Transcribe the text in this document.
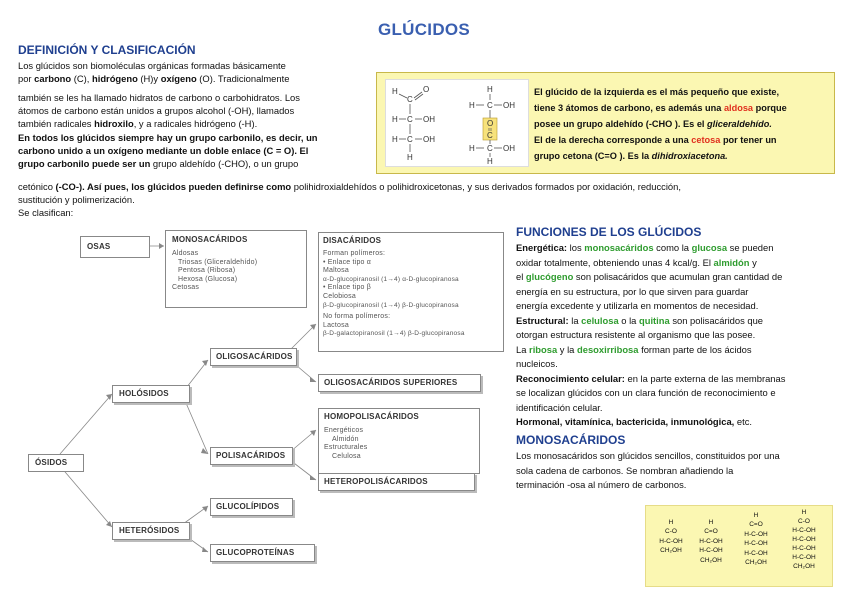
GLÚCIDOS
DEFINICIÓN Y CLASIFICACIÓN
Los glúcidos son biomoléculas orgánicas formadas básicamente
por carbono (C), hidrógeno (H)y oxígeno (O). Tradicionalmente
también se les ha llamado hidratos de carbono o carbohidratos. Los
átomos de carbono están unidos a grupos alcohol (-OH), llamados
también radicales hidroxilo, y a radicales hidrógeno (-H).
En todos los glúcidos siempre hay un grupo carbonilo, es decir, un
carbono unido a un oxígeno mediante un doble enlace (C = O). El
grupo carbonilo puede ser un grupo aldehído (-CHO), o un grupo
cetónico (-CO-). Así pues, los glúcidos pueden definirse como polihidroxialdehídos o polihidroxicetonas, y sus derivados formados por oxidación, reducción,
sustitución y polimerización.
Se clasifican:
H
C
O
H C OH
H C OH
H
H
H C OH
O
C
H C OH
H
El glúcido de la izquierda es el más pequeño que existe,
tiene 3 átomos de carbono, es además una aldosa porque
posee un grupo aldehído (-CHO ). Es el gliceraldehído.
El de la derecha corresponde a una cetosa por tener un
grupo cetona (C=O ). Es la dihidroxiacetona.
OSAS
MONOSACÁRIDOS
Aldosas
Triosas (Gliceraldehído)
Pentosa (Ribosa)
Hexosa (Glucosa)
Cetosas
DISACÁRIDOS
Forman polímeros:
• Enlace tipo α
Maltosa
α-D-glucopiranosil (1→4) α-D-glucopiranosa
• Enlace tipo β
Celobiosa
β-D-glucopiranosil (1→4) β-D-glucopiranosa
No forma polímeros:
Lactosa
β-D-galactopiranosil (1→4) β-D-glucopiranosa
OLIGOSACÁRIDOS
OLIGOSACÁRIDOS SUPERIORES
HOLÓSIDOS
HOMOPOLISACÁRIDOS
Energéticos
Almidón
Estructurales
Celulosa
POLISACÁRIDOS
HETEROPOLISÁCARIDOS
ÓSIDOS
GLUCOLÍPIDOS
HETERÓSIDOS
GLUCOPROTEÍNAS
FUNCIONES DE LOS GLÚCIDOS
Energética: los monosacáridos como la glucosa se pueden
oxidar totalmente, obteniendo unas 4 kcal/g. El almidón y
el glucógeno son polisacáridos que acumulan gran cantidad de
energía en su estructura, por lo que sirven para guardar
energía excedente y utilizarla en momentos de necesidad.
Estructural: la celulosa o la quitina son polisacáridos que
otorgan estructura resistente al organismo que las posee.
La ribosa y la desoxirribosa forman parte de los ácidos
nucleicos.
Reconocimiento celular: en la parte externa de las membranas
se localizan glúcidos con un clara función de reconocimiento e
identificación celular.
Hormonal, vitamínica, bactericida, inmunológica, etc.
MONOSACÁRIDOS
Los monosacáridos son glúcidos sencillos, constituidos por una
sola cadena de carbonos. Se nombran añadiendo la
terminación -osa al número de carbonos.
H
C-O
H-C-OH
CH₂OH
H
C=O
H-C-OH
H-C-OH
CH₂OH
H
C=O
H-C-OH
H-C-OH
H-C-OH
CH₂OH
H
C-O
H-C-OH
H-C-OH
H-C-OH
H-C-OH
CH₂OH
